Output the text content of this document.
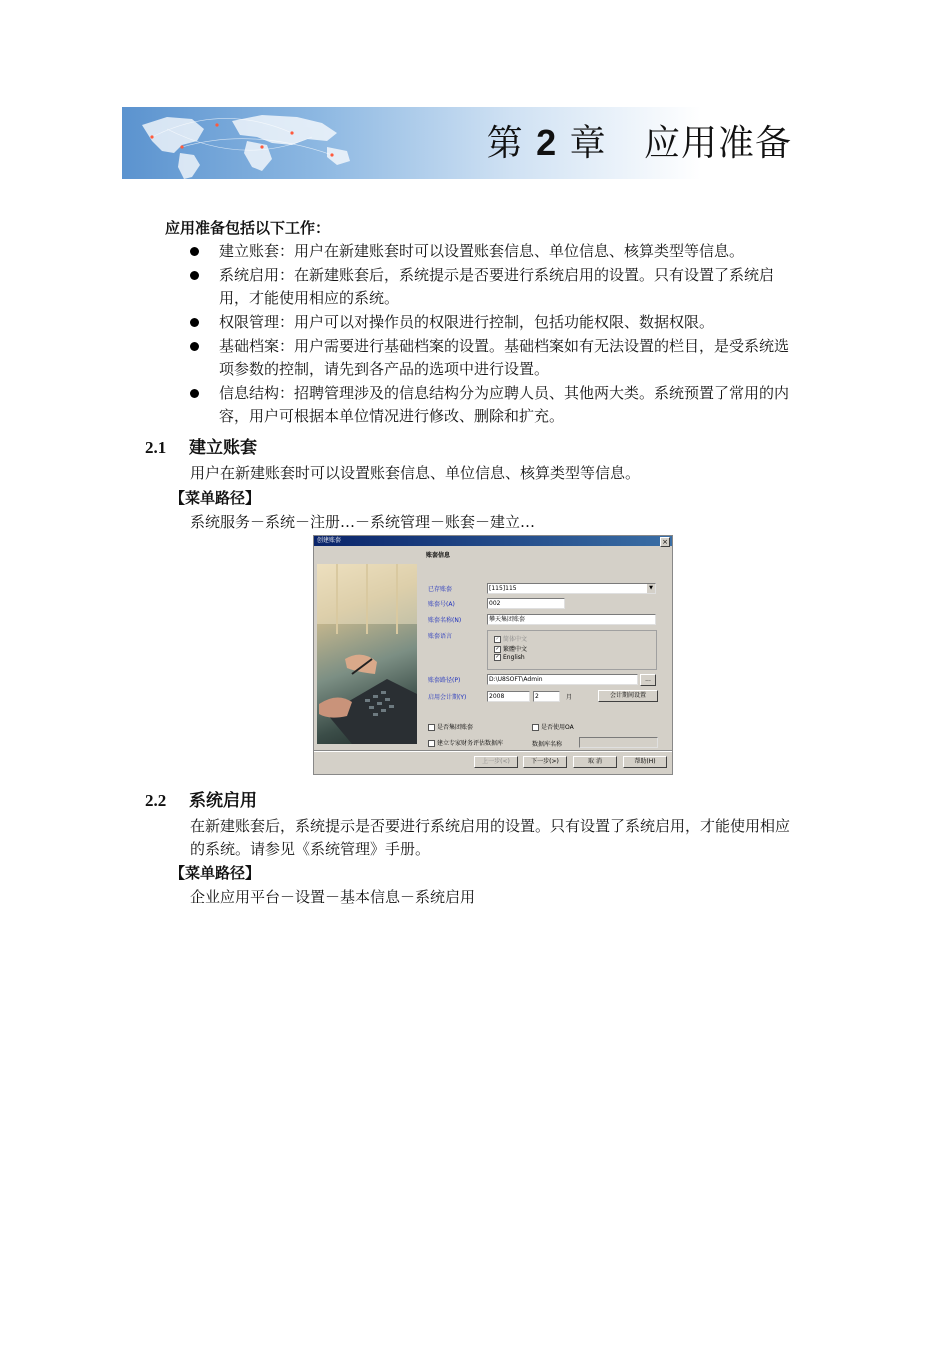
第 2 章 应用准备
应用准备包括以下工作：
建立账套：用户在新建账套时可以设置账套信息、单位信息、核算类型等信息。
系统启用：在新建账套后，系统提示是否要进行系统启用的设置。只有设置了系统启用，才能使用相应的系统。
权限管理：用户可以对操作员的权限进行控制，包括功能权限、数据权限。
基础档案：用户需要进行基础档案的设置。基础档案如有无法设置的栏目，是受系统选项参数的控制，请先到各产品的选项中进行设置。
信息结构：招聘管理涉及的信息结构分为应聘人员、其他两大类。系统预置了常用的内容，用户可根据本单位情况进行修改、删除和扩充。
2.1 建立账套
用户在新建账套时可以设置账套信息、单位信息、核算类型等信息。
【菜单路径】
系统服务－系统－注册…－系统管理－账套－建立…
创建账套	×
账套信息
已存账套	[115]115	▼
账套号(A)	002
账套名称(N)	攀天集团账套
账套语言	✓ 简体中文
✓ 繁體中文
✓ English
账套路径(P)	D:\U8SOFT\Admin	...
启用会计期(Y)	2008	2	月	会计期间设置
是否集团账套	是否使用OA
建立专家财务评估数据库	数据库名称
上一步(<)	下一步(>)	取 消	帮助(H)
2.2 系统启用
在新建账套后，系统提示是否要进行系统启用的设置。只有设置了系统启用，才能使用相应的系统。请参见《系统管理》手册。
【菜单路径】
企业应用平台－设置－基本信息－系统启用
